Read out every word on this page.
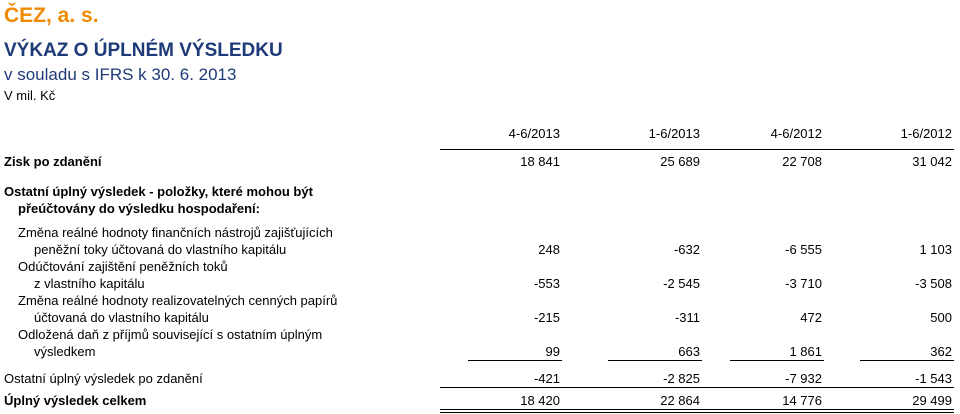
ČEZ, a. s.
VÝKAZ O ÚPLNÉM VÝSLEDKU
v souladu s IFRS k 30. 6. 2013
V mil. Kč
4-6/2013	1-6/2013	4-6/2012	1-6/2012
Zisk po zdanění	18 841	25 689	22 708	31 042
Ostatní úplný výsledek - položky, které mohou být
přeúčtovány do výsledku hospodaření:
Změna reálné hodnoty finančních nástrojů zajišťujících
peněžní toky účtovaná do vlastního kapitálu	248	-632	-6 555	1 103
Odúčtování zajištění peněžních toků
z vlastního kapitálu	-553	-2 545	-3 710	-3 508
Změna reálné hodnoty realizovatelných cenných papírů
účtovaná do vlastního kapitálu	-215	-311	472	500
Odložená daň z příjmů související s ostatním úplným
výsledkem	99	663	1 861	362
Ostatní úplný výsledek po zdanění	-421	-2 825	-7 932	-1 543
Úplný výsledek celkem	18 420	22 864	14 776	29 499
